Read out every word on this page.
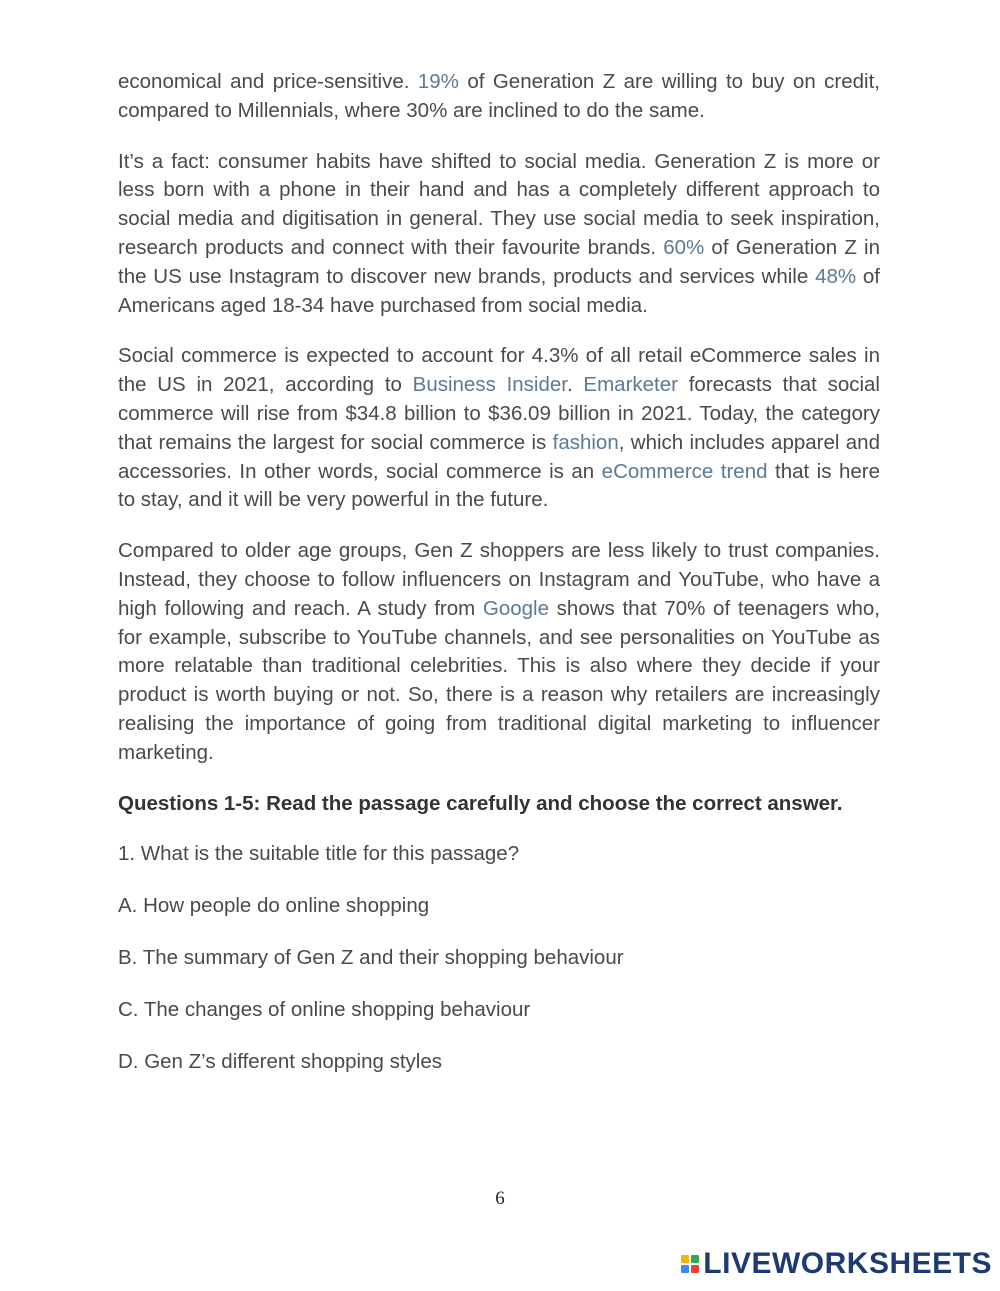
economical and price-sensitive. 19% of Generation Z are willing to buy on credit, compared to Millennials, where 30% are inclined to do the same.

It’s a fact: consumer habits have shifted to social media. Generation Z is more or less born with a phone in their hand and has a completely different approach to social media and digitisation in general. They use social media to seek inspiration, research products and connect with their favourite brands. 60% of Generation Z in the US use Instagram to discover new brands, products and services while 48% of Americans aged 18-34 have purchased from social media.

Social commerce is expected to account for 4.3% of all retail eCommerce sales in the US in 2021, according to Business Insider. Emarketer forecasts that social commerce will rise from $34.8 billion to $36.09 billion in 2021. Today, the category that remains the largest for social commerce is fashion, which includes apparel and accessories. In other words, social commerce is an eCommerce trend that is here to stay, and it will be very powerful in the future.

Compared to older age groups, Gen Z shoppers are less likely to trust companies. Instead, they choose to follow influencers on Instagram and YouTube, who have a high following and reach. A study from Google shows that 70% of teenagers who, for example, subscribe to YouTube channels, and see personalities on YouTube as more relatable than traditional celebrities. This is also where they decide if your product is worth buying or not. So, there is a reason why retailers are increasingly realising the importance of going from traditional digital marketing to influencer marketing.

Questions 1-5: Read the passage carefully and choose the correct answer.

1. What is the suitable title for this passage?

A. How people do online shopping

B. The summary of Gen Z and their shopping behaviour

C. The changes of online shopping behaviour

D. Gen Z’s different shopping styles

6
LIVEWORKSHEETS
